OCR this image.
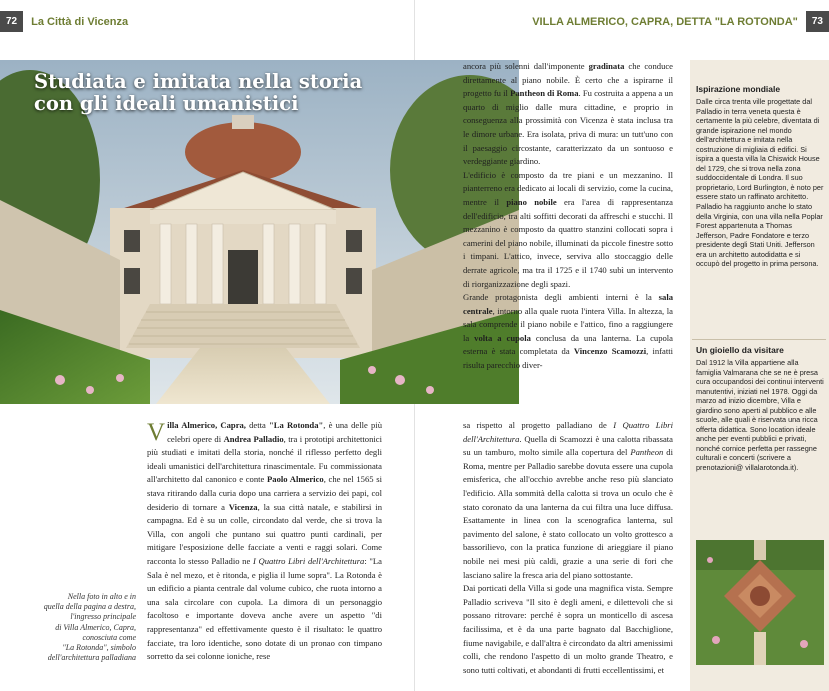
72	La Città di Vicenza	VILLA ALMERICO, CAPRA, DETTA "LA ROTONDA"	73
Studiata e imitata nella storia
con gli ideali umanistici
Nella foto in alto e in
quella della pagina a destra,
l'ingresso principale
di Villa Almerico, Capra,
conosciuta come
"La Rotonda", simbolo
dell'architettura palladiana

Villa Almerico, Capra, detta "La Rotonda", è una delle più celebri opere di Andrea Palladio, tra i prototipi architettonici più studiati e imitati della storia, nonché il riflesso perfetto degli ideali umanistici dell'architettura rinascimentale. Fu commissionata all'architetto dal canonico e conte Paolo Almerico, che nel 1565 si stava ritirando dalla curia dopo una carriera a servizio dei papi, col desiderio di tornare a Vicenza, la sua città natale, e stabilirsi in campagna. Ed è su un colle, circondato dal verde, che si trova la Villa, con angoli che puntano sui quattro punti cardinali, per mitigare l'esposizione delle facciate a venti e raggi solari. Come racconta lo stesso Palladio ne I Quattro Libri dell'Architettura: "La Sala è nel mezo, et è ritonda, e piglia il lume sopra". La Rotonda è un edificio a pianta centrale dal volume cubico, che ruota intorno a una sala circolare con cupola. La dimora di un personaggio facoltoso e importante doveva anche avere un aspetto "di rappresentanza" ed effettivamente questo è il risultato: le quattro facciate, tra loro identiche, sono dotate di un pronao con timpano sorretto da sei colonne ioniche, rese

ancora più solenni dall'imponente gradinata che conduce direttamente al piano nobile. È certo che a ispirarne il progetto fu il Pantheon di Roma. Fu costruita a appena a un quarto di miglio dalle mura cittadine, e proprio in conseguenza alla prossimità con Vicenza è stata inclusa tra le dimore urbane. Era isolata, priva di mura: un tutt'uno con il paesaggio circostante, caratterizzato da un sontuoso e verdeggiante giardino.

L'edificio è composto da tre piani e un mezzanino. Il pianterreno era dedicato ai locali di servizio, come la cucina, mentre il piano nobile era l'area di rappresentanza dell'edificio, tra alti soffitti decorati da affreschi e stucchi. Il mezzanino è composto da quattro stanzini collocati sopra i camerini del piano nobile, illuminati da piccole finestre sotto i timpani. L'attico, invece, serviva allo stoccaggio delle derrate agricole, ma tra il 1725 e il 1740 subì un intervento di riorganizzazione degli spazi.

Grande protagonista degli ambienti interni è la sala centrale, intorno alla quale ruota l'intera Villa. In altezza, la sala comprende il piano nobile e l'attico, fino a raggiungere la volta a cupola conclusa da una lanterna. La cupola esterna è stata completata da Vincenzo Scamozzi, infatti risulta parecchio diver-

sa rispetto al progetto palladiano de I Quattro Libri dell'Architettura. Quella di Scamozzi è una calotta ribassata su un tamburo, molto simile alla copertura del Pantheon di Roma, mentre per Palladio sarebbe dovuta essere una cupola emisferica, che all'occhio avrebbe anche reso più slanciato l'edificio. Alla sommità della calotta si trova un oculo che è stato coronato da una lanterna da cui filtra una luce diffusa. Esattamente in linea con la scenografica lanterna, sul pavimento del salone, è stato collocato un volto grottesco a bassorilievo, con la pratica funzione di arieggiare il piano nobile nei mesi più caldi, grazie a una serie di fori che lasciano salire la fresca aria del piano sottostante.

Dai porticati della Villa si gode una magnifica vista. Sempre Palladio scriveva "Il sito è degli ameni, e dilettevoli che si possano ritrovare: perché è sopra un monticello di ascesa facilissima, et è da una parte bagnato dal Bacchiglione, fiume navigabile, e dall'altra è circondato da altri amenissimi colli, che rendono l'aspetto di un molto grande Theatro, e sono tutti coltivati, et abondanti di frutti eccellentissimi, et

Ispirazione mondiale
Dalle circa trenta ville progettate dal Palladio in terra veneta questa è certamente la più celebre, diventata di grande ispirazione nel mondo dell'architettura e imitata nella costruzione di migliaia di edifici. Si ispira a questa villa la Chiswick House del 1729, che si trova nella zona suddoccidentale di Londra. Il suo proprietario, Lord Burlington, è noto per essere stato un raffinato architetto. Palladio ha raggiunto anche lo stato della Virginia, con una villa nella Poplar Forest appartenuta a Thomas Jefferson, Padre Fondatore e terzo presidente degli Stati Uniti. Jefferson era un architetto autodidatta e si occupò del progetto in prima persona.
Un gioiello da visitare
Dal 1912 la Villa appartiene alla famiglia Valmarana che se ne è presa cura occupandosi dei continui interventi manutentivi, iniziati nel 1978. Oggi da marzo ad inizio dicembre, Villa e giardino sono aperti al pubblico e alle scuole, alle quali è riservata una ricca offerta didattica. Sono location ideale anche per eventi pubblici e privati, nonché cornice perfetta per rassegne culturali e concerti (scrivere a prenotazioni@ villalarotonda.it).
